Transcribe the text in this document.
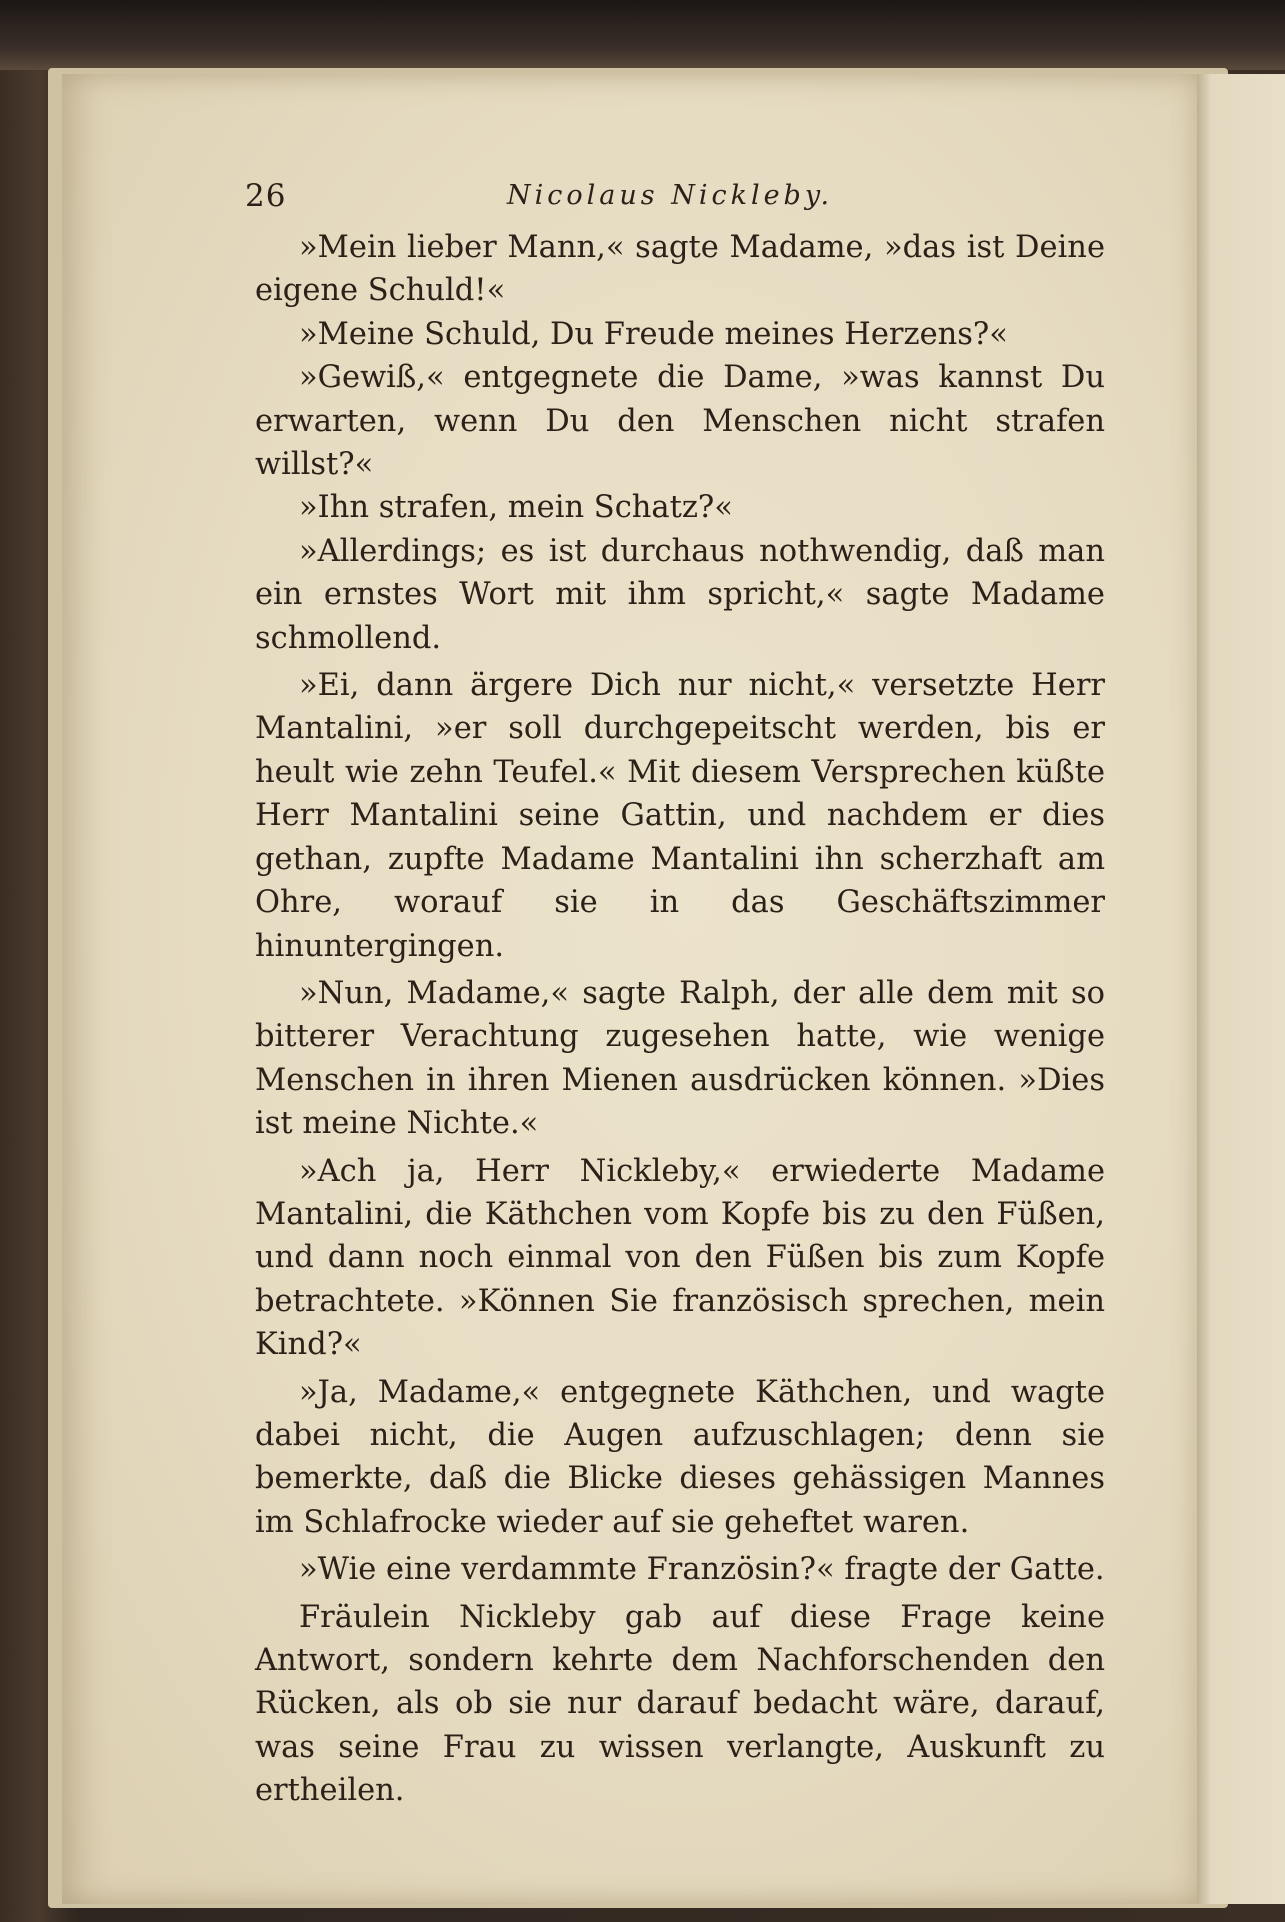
26	Nicolaus Nickleby.

»Mein lieber Mann,« sagte Madame, »das ist Deine eigene Schuld!«

»Meine Schuld, Du Freude meines Herzens?«

»Gewiß,« entgegnete die Dame, »was kannst Du erwarten, wenn Du den Menschen nicht strafen willst?«

»Ihn strafen, mein Schatz?«

»Allerdings; es ist durchaus nothwendig, daß man ein ernstes Wort mit ihm spricht,« sagte Madame schmollend.

»Ei, dann ärgere Dich nur nicht,« versetzte Herr Mantalini, »er soll durchgepeitscht werden, bis er heult wie zehn Teufel.« Mit diesem Versprechen küßte Herr Mantalini seine Gattin, und nachdem er dies gethan, zupfte Madame Mantalini ihn scherzhaft am Ohre, worauf sie in das Geschäftszimmer hinuntergingen.

»Nun, Madame,« sagte Ralph, der alle dem mit so bitterer Verachtung zugesehen hatte, wie wenige Menschen in ihren Mienen ausdrücken können. »Dies ist meine Nichte.«

»Ach ja, Herr Nickleby,« erwiederte Madame Mantalini, die Käthchen vom Kopfe bis zu den Füßen, und dann noch einmal von den Füßen bis zum Kopfe betrachtete. »Können Sie französisch sprechen, mein Kind?«

»Ja, Madame,« entgegnete Käthchen, und wagte dabei nicht, die Augen aufzuschlagen; denn sie bemerkte, daß die Blicke dieses gehässigen Mannes im Schlafrocke wieder auf sie geheftet waren.

»Wie eine verdammte Französin?« fragte der Gatte.

Fräulein Nickleby gab auf diese Frage keine Antwort, sondern kehrte dem Nachforschenden den Rücken, als ob sie nur darauf bedacht wäre, darauf, was seine Frau zu wissen verlangte, Auskunft zu ertheilen.
